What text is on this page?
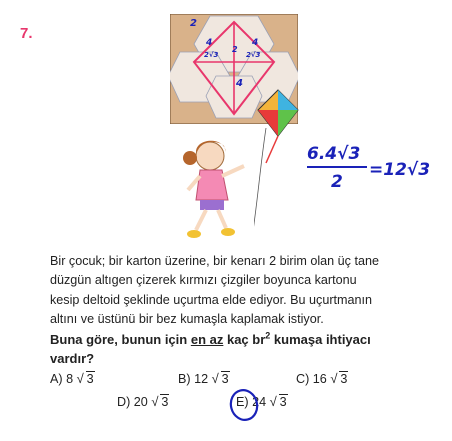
7.
2
4	4
2√3
2
2√3
4
6.4√3
2
=12√3
Bir çocuk; bir karton üzerine, bir kenarı 2 birim olan üç tane
düzgün altıgen çizerek kırmızı çizgiler boyunca kartonu
kesip deltoid şeklinde uçurtma elde ediyor. Bu uçurtmanın
altını ve üstünü bir bez kumaşla kaplamak istiyor.
Buna göre, bunun için en az kaç $br^2$ kumaşa ihtiyacı
vardır?
A) 8 √ 3	B) 12 √ 3	C) 16 √ 3
D) 20 √ 3	E) 24 √ 3
